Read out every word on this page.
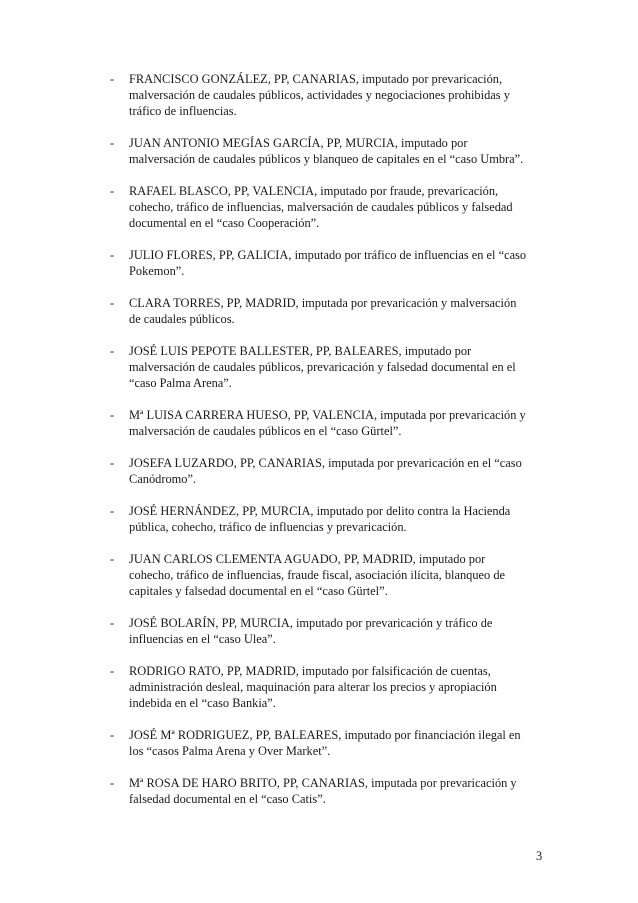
-	FRANCISCO GONZÁLEZ, PP, CANARIAS, imputado por prevaricación,
malversación de caudales públicos, actividades y negociaciones prohibidas y
tráfico de influencias.
-	JUAN ANTONIO MEGÍAS GARCÍA, PP, MURCIA, imputado por
malversación de caudales públicos y blanqueo de capitales en el “caso Umbra”.
-	RAFAEL BLASCO, PP, VALENCIA, imputado por fraude, prevaricación,
cohecho, tráfico de influencias, malversación de caudales públicos y falsedad
documental en el “caso Cooperación”.
-	JULIO FLORES, PP, GALICIA, imputado por tráfico de influencias en el “caso
Pokemon”.
-	CLARA TORRES, PP, MADRID, imputada por prevaricación y malversación
de caudales públicos.
-	JOSÉ LUIS PEPOTE BALLESTER, PP, BALEARES, imputado por
malversación de caudales públicos, prevaricación y falsedad documental en el
“caso Palma Arena”.
-	Mª LUISA CARRERA HUESO, PP, VALENCIA, imputada por prevaricación y
malversación de caudales públicos en el “caso Gürtel”.
-	JOSEFA LUZARDO, PP, CANARIAS, imputada por prevaricación en el “caso
Canódromo”.
-	JOSÉ HERNÁNDEZ, PP, MURCIA, imputado por delito contra la Hacienda
pública, cohecho, tráfico de influencias y prevaricación.
-	JUAN CARLOS CLEMENTA AGUADO, PP, MADRID, imputado por
cohecho, tráfico de influencias, fraude fiscal, asociación ilícita, blanqueo de
capitales y falsedad documental en el “caso Gürtel”.
-	JOSÉ BOLARÍN, PP, MURCIA, imputado por prevaricación y tráfico de
influencias en el “caso Ulea”.
-	RODRIGO RATO, PP, MADRID, imputado por falsificación de cuentas,
administración desleal, maquinación para alterar los precios y apropiación
indebida en el “caso Bankia”.
-	JOSÉ Mª RODRIGUEZ, PP, BALEARES, imputado por financiación ilegal en
los “casos Palma Arena y Over Market”.
-	Mª ROSA DE HARO BRITO, PP, CANARIAS, imputada por prevaricación y
falsedad documental en el “caso Catis”.
3
